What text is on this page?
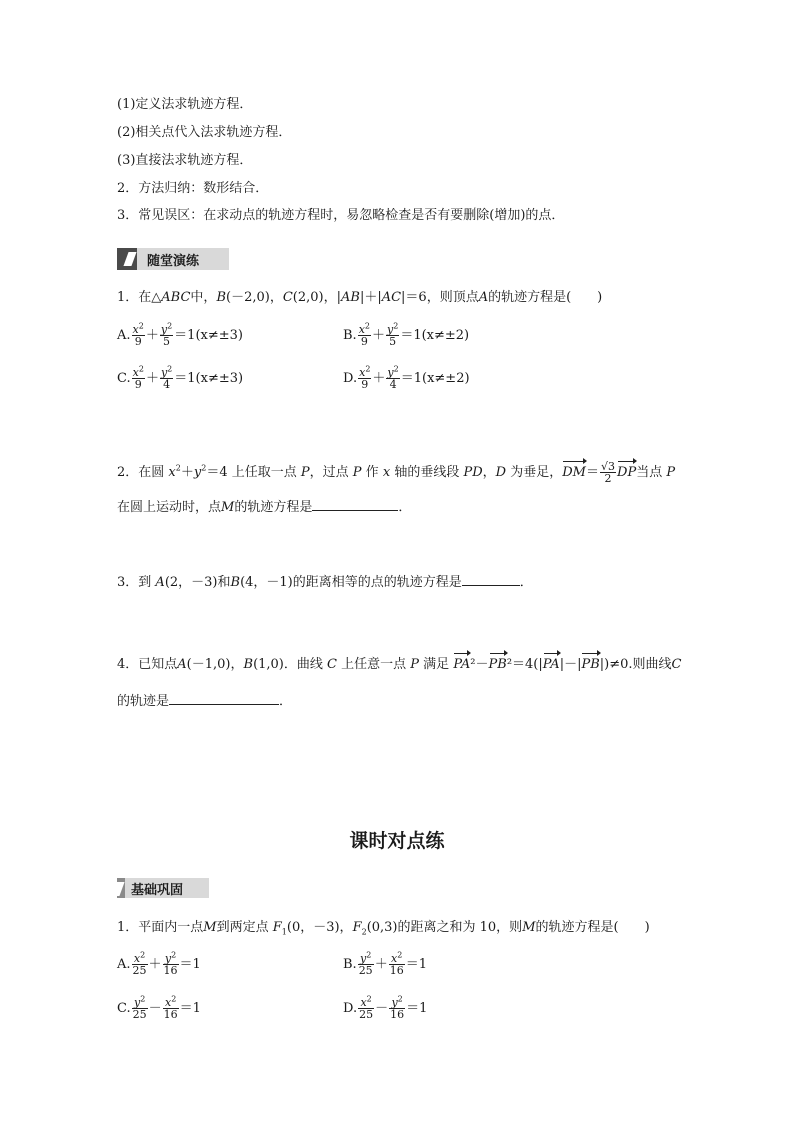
(1)定义法求轨迹方程．
(2)相关点代入法求轨迹方程．
(3)直接法求轨迹方程．
2．方法归纳：数形结合．
3．常见误区：在求动点的轨迹方程时，易忽略检查是否有要删除(增加)的点．
随堂演练
1．在△ABC中，B(－2,0)，C(2,0)，|AB|＋|AC|＝6，则顶点A的轨迹方程是(　　)
A. $\frac{x^2}{9} + \frac{y^2}{5} =1(x\ne\pm 3)$	B. $\frac{x^2}{9} + \frac{y^2}{5} =1(x\ne\pm 2)$
C. $\frac{x^2}{9} + \frac{y^2}{4} =1(x\ne\pm 3)$	D. $\frac{x^2}{9} + \frac{y^2}{4} =1(x\ne\pm 2)$
2．在圆 $x^2+y^2=4$ 上任取一点 P，过点 P 作 x 轴的垂线段 PD，D 为垂足，$DM= \frac{√3}{2}$ DP当点 P
在圆上运动时，点M的轨迹方程是	．
3．到 A(2，－3)和B(4，－1)的距离相等的点的轨迹方程是	．
4．已知点A(－1,0)，B(1,0)．曲线 C 上任意一点 P 满足 PA²－PB²＝4(|PA|－|PB|)≠0.则曲线C
的轨迹是	．
课时对点练
基础巩固
1．平面内一点M到两定点 $F_1(0$，－3)，$F_2(0,3)$的距离之和为 10，则M的轨迹方程是(　　)
A. $\frac{x^2}{25} + \frac{y^2}{16} =1$	B. $\frac{y^2}{25} + \frac{x^2}{16} =1$
C. $\frac{y^2}{25} - \frac{x^2}{16} =1$	D. $\frac{x^2}{25} - \frac{y^2}{16} =1$
